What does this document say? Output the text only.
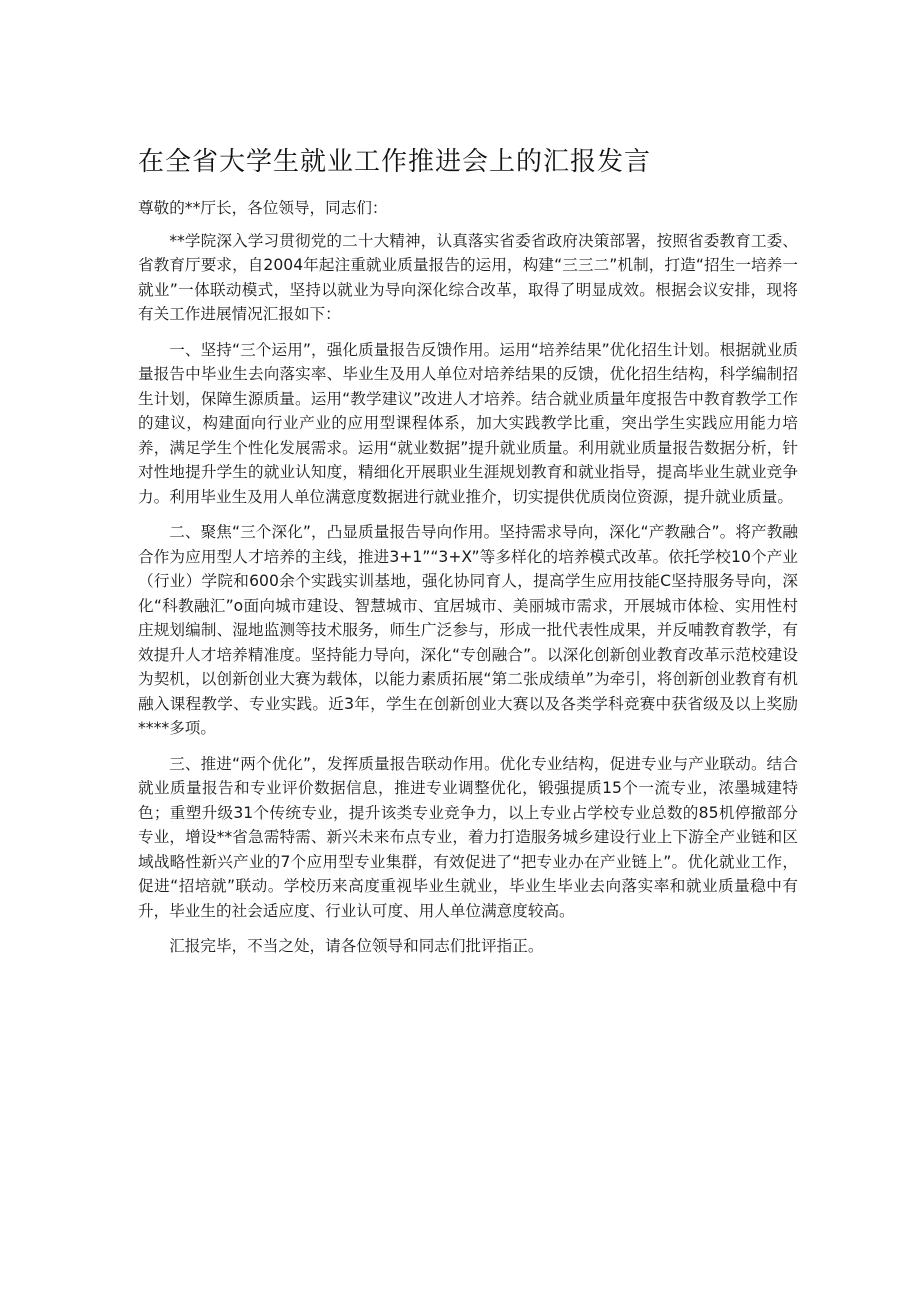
在全省大学生就业工作推进会上的汇报发言

尊敬的**厅长，各位领导，同志们：

**学院深入学习贯彻党的二十大精神，认真落实省委省政府决策部署，按照省委教育工委、省教育厅要求，自2004年起注重就业质量报告的运用，构建“三三二”机制，打造“招生一培养一就业”一体联动模式，坚持以就业为导向深化综合改革，取得了明显成效。根据会议安排，现将有关工作进展情况汇报如下：

一、坚持“三个运用”，强化质量报告反馈作用。运用“培养结果”优化招生计划。根据就业质量报告中毕业生去向落实率、毕业生及用人单位对培养结果的反馈，优化招生结构，科学编制招生计划，保障生源质量。运用“教学建议”改进人才培养。结合就业质量年度报告中教育教学工作的建议，构建面向行业产业的应用型课程体系，加大实践教学比重，突出学生实践应用能力培养，满足学生个性化发展需求。运用“就业数据”提升就业质量。利用就业质量报告数据分析，针对性地提升学生的就业认知度，精细化开展职业生涯规划教育和就业指导，提高毕业生就业竞争力。利用毕业生及用人单位满意度数据进行就业推介，切实提供优质岗位资源，提升就业质量。

二、聚焦“三个深化”，凸显质量报告导向作用。坚持需求导向，深化“产教融合”。将产教融合作为应用型人才培养的主线，推进3+1”“3+X”等多样化的培养模式改革。依托学校10个产业（行业）学院和600余个实践实训基地，强化协同育人，提高学生应用技能C坚持服务导向，深化“科教融汇”o面向城市建设、智慧城市、宜居城市、美丽城市需求，开展城市体检、实用性村庄规划编制、湿地监测等技术服务，师生广泛参与，形成一批代表性成果，并反哺教育教学，有效提升人才培养精准度。坚持能力导向，深化“专创融合”。以深化创新创业教育改革示范校建设为契机，以创新创业大赛为载体，以能力素质拓展“第二张成绩单”为牵引，将创新创业教育有机融入课程教学、专业实践。近3年，学生在创新创业大赛以及各类学科竞赛中获省级及以上奖励****多项。

三、推进“两个优化”，发挥质量报告联动作用。优化专业结构，促进专业与产业联动。结合就业质量报告和专业评价数据信息，推进专业调整优化，锻强提质15个一流专业，浓墨城建特色；重塑升级31个传统专业，提升该类专业竞争力，以上专业占学校专业总数的85机停撤部分专业，增设**省急需特需、新兴未来布点专业，着力打造服务城乡建设行业上下游全产业链和区域战略性新兴产业的7个应用型专业集群，有效促进了“把专业办在产业链上”。优化就业工作，促进“招培就”联动。学校历来高度重视毕业生就业，毕业生毕业去向落实率和就业质量稳中有升，毕业生的社会适应度、行业认可度、用人单位满意度较高。

汇报完毕，不当之处，请各位领导和同志们批评指正。
